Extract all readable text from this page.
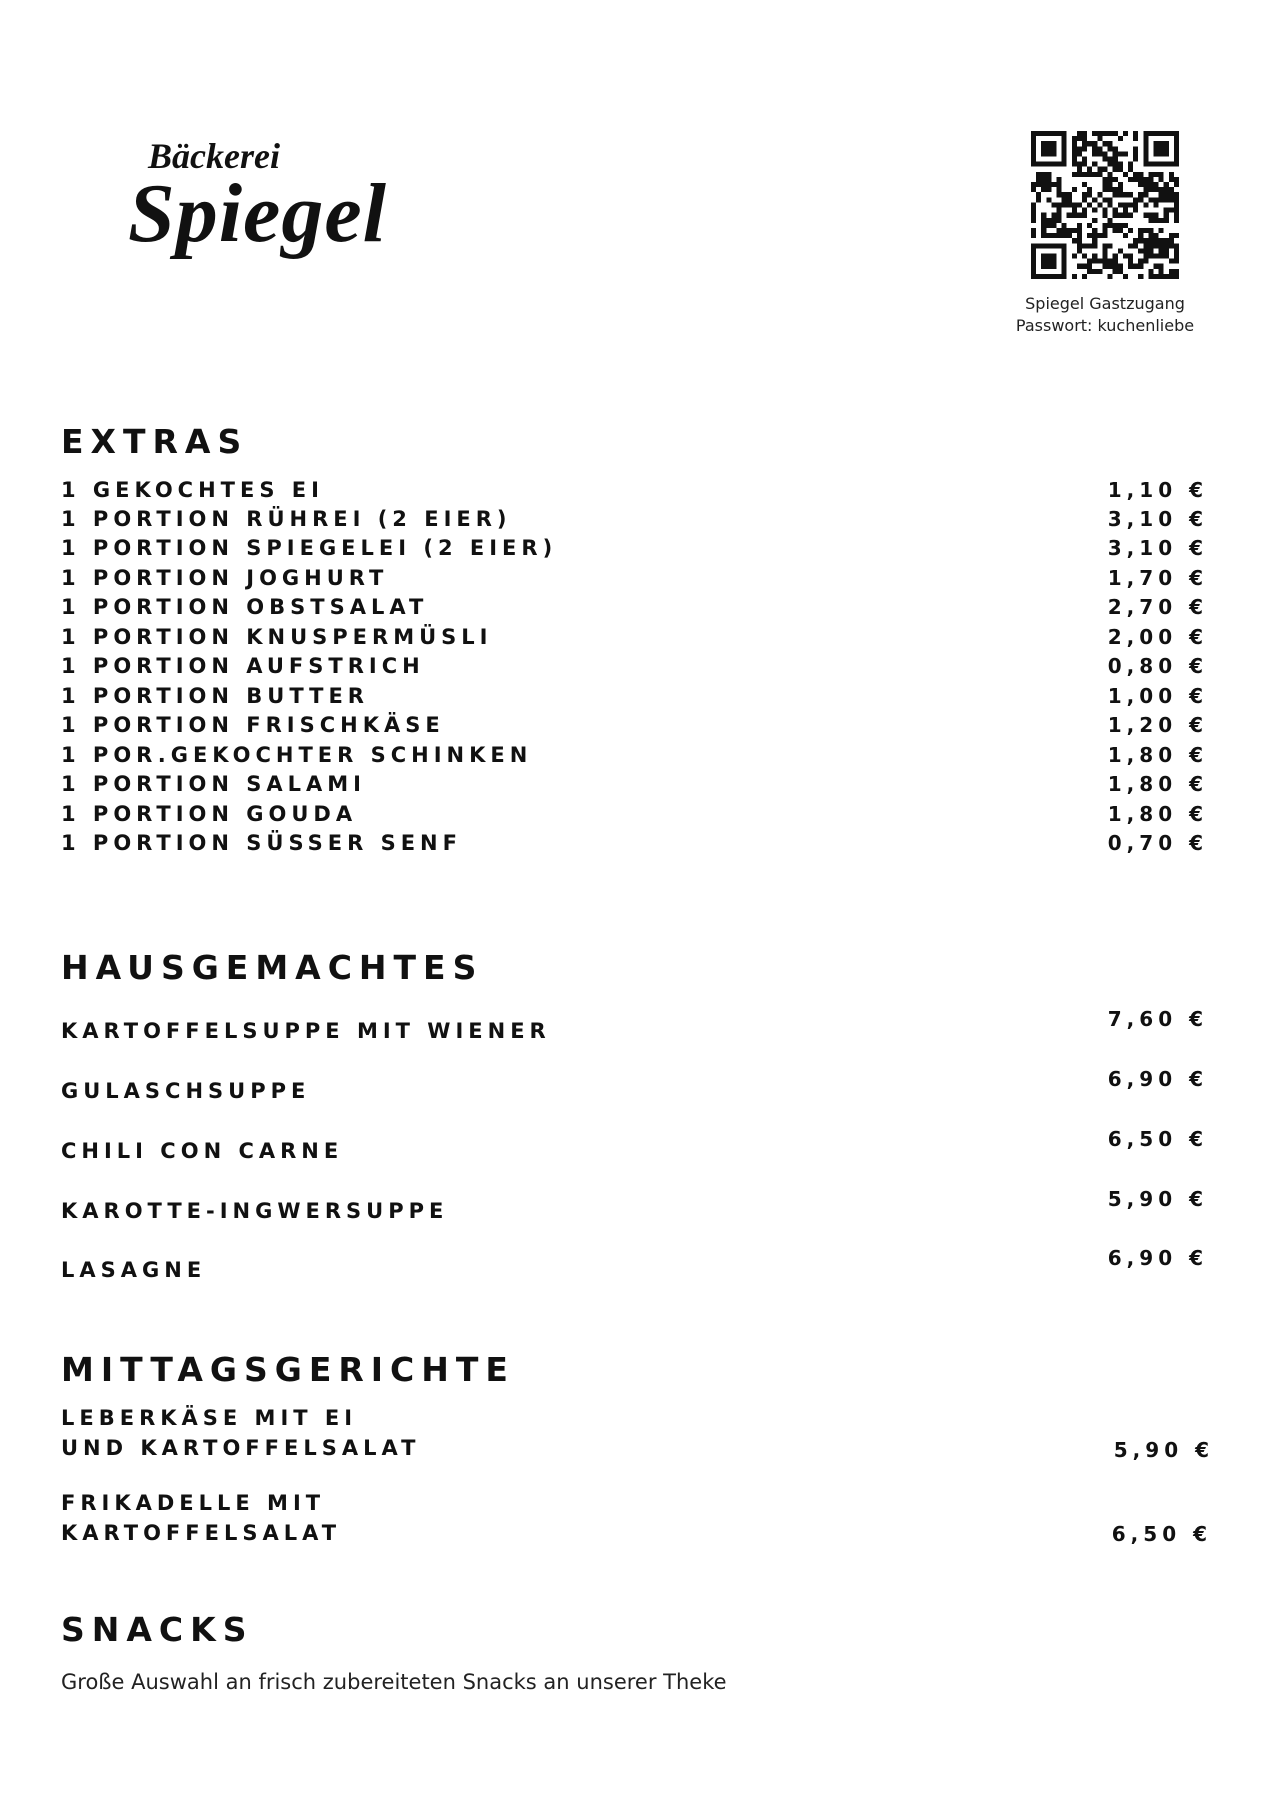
Bäckerei
Spiegel
Spiegel Gastzugang
Passwort: kuchenliebe
EXTRAS
1 GEKOCHTES EI	1,10 €
1 PORTION RÜHREI (2 EIER)	3,10 €
1 PORTION SPIEGELEI (2 EIER)	3,10 €
1 PORTION JOGHURT	1,70 €
1 PORTION OBSTSALAT	2,70 €
1 PORTION KNUSPERMÜSLI	2,00 €
1 PORTION AUFSTRICH	0,80 €
1 PORTION BUTTER	1,00 €
1 PORTION FRISCHKÄSE	1,20 €
1 POR.GEKOCHTER SCHINKEN	1,80 €
1 PORTION SALAMI	1,80 €
1 PORTION GOUDA	1,80 €
1 PORTION SÜSSER SENF	0,70 €
HAUSGEMACHTES
KARTOFFELSUPPE MIT WIENER	7,60 €
GULASCHSUPPE	6,90 €
CHILI CON CARNE	6,50 €
KAROTTE-INGWERSUPPE	5,90 €
LASAGNE	6,90 €
MITTAGSGERICHTE
LEBERKÄSE MIT EI
UND KARTOFFELSALAT	5,90 €
FRIKADELLE MIT
KARTOFFELSALAT	6,50 €
SNACKS
Große Auswahl an frisch zubereiteten Snacks an unserer Theke
